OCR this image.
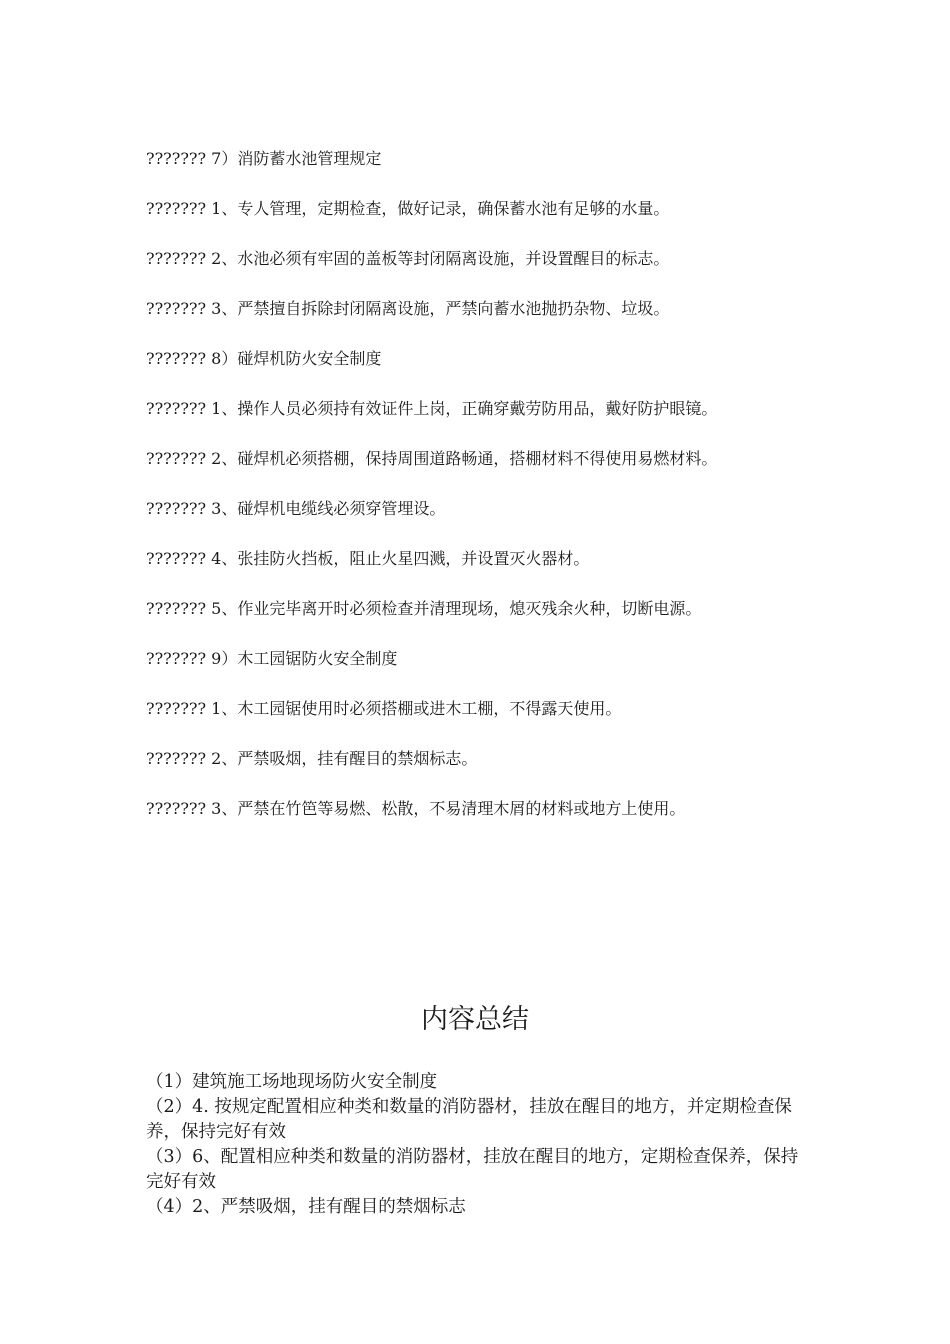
??????? 7）消防蓄水池管理规定

??????? 1、专人管理，定期检查，做好记录，确保蓄水池有足够的水量。

??????? 2、水池必须有牢固的盖板等封闭隔离设施，并设置醒目的标志。

??????? 3、严禁擅自拆除封闭隔离设施，严禁向蓄水池抛扔杂物、垃圾。

??????? 8）碰焊机防火安全制度

??????? 1、操作人员必须持有效证件上岗，正确穿戴劳防用品，戴好防护眼镜。

??????? 2、碰焊机必须搭棚，保持周围道路畅通，搭棚材料不得使用易燃材料。

??????? 3、碰焊机电缆线必须穿管埋设。

??????? 4、张挂防火挡板，阻止火星四溅，并设置灭火器材。

??????? 5、作业完毕离开时必须检查并清理现场，熄灭残余火种，切断电源。

??????? 9）木工园锯防火安全制度

??????? 1、木工园锯使用时必须搭棚或进木工棚，不得露天使用。

??????? 2、严禁吸烟，挂有醒目的禁烟标志。

??????? 3、严禁在竹笆等易燃、松散，不易清理木屑的材料或地方上使用。

内容总结

（1）建筑施工场地现场防火安全制度

（2）4. 按规定配置相应种类和数量的消防器材，挂放在醒目的地方，并定期检查保养，保持完好有效

（3）6、配置相应种类和数量的消防器材，挂放在醒目的地方，定期检查保养，保持完好有效

（4）2、严禁吸烟，挂有醒目的禁烟标志
